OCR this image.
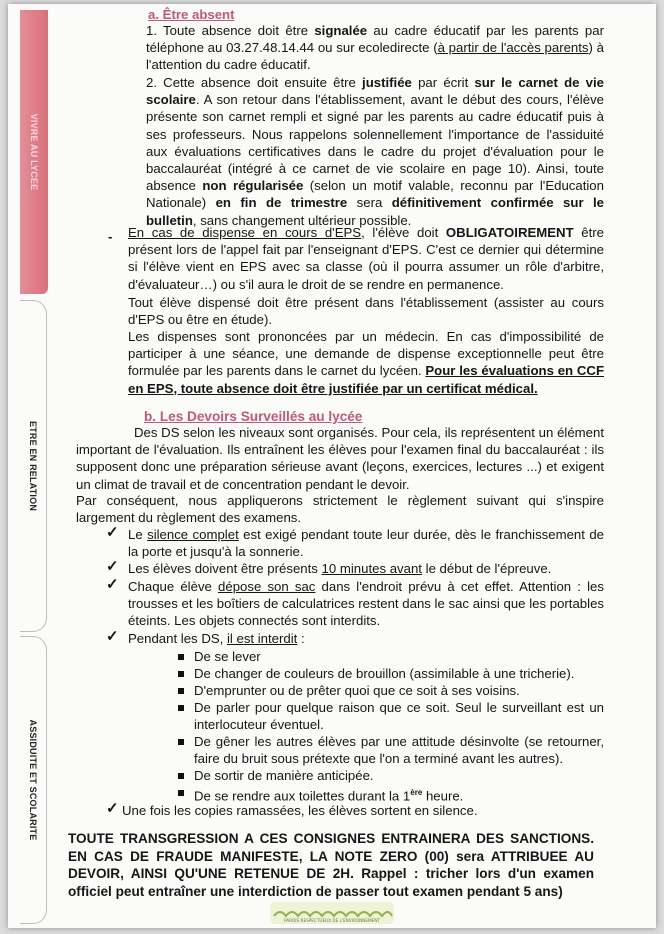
VIVRE AU LYCEE
ETRE EN RELATION
ASSIDUITE ET SCOLARITE
a. Être absent
1. Toute absence doit être signalée au cadre éducatif par les parents par téléphone au 03.27.48.14.44 ou sur ecoledirecte (à partir de l'accès parents) à l'attention du cadre éducatif.
2. Cette absence doit ensuite être justifiée par écrit sur le carnet de vie scolaire. A son retour dans l'établissement, avant le début des cours, l'élève présente son carnet rempli et signé par les parents au cadre éducatif puis à ses professeurs. Nous rappelons solennellement l'importance de l'assiduité aux évaluations certificatives dans le cadre du projet d'évaluation pour le baccalauréat (intégré à ce carnet de vie scolaire en page 10). Ainsi, toute absence non régularisée (selon un motif valable, reconnu par l'Education Nationale) en fin de trimestre sera définitivement confirmée sur le bulletin, sans changement ultérieur possible.
- En cas de dispense en cours d'EPS, l'élève doit OBLIGATOIREMENT être présent lors de l'appel fait par l'enseignant d'EPS. C'est ce dernier qui détermine si l'élève vient en EPS avec sa classe (où il pourra assumer un rôle d'arbitre, d'évaluateur…) ou s'il aura le droit de se rendre en permanence.
Tout élève dispensé doit être présent dans l'établissement (assister au cours d'EPS ou être en étude).
Les dispenses sont prononcées par un médecin. En cas d'impossibilité de participer à une séance, une demande de dispense exceptionnelle peut être formulée par les parents dans le carnet du lycéen. Pour les évaluations en CCF en EPS, toute absence doit être justifiée par un certificat médical.
b. Les Devoirs Surveillés au lycée
Des DS selon les niveaux sont organisés. Pour cela, ils représentent un élément important de l'évaluation. Ils entraînent les élèves pour l'examen final du baccalauréat : ils supposent donc une préparation sérieuse avant (leçons, exercices, lectures ...) et exigent un climat de travail et de concentration pendant le devoir.
Par conséquent, nous appliquerons strictement le règlement suivant qui s'inspire largement du règlement des examens.
✓ Le silence complet est exigé pendant toute leur durée, dès le franchissement de la porte et jusqu'à la sonnerie.
✓ Les élèves doivent être présents 10 minutes avant le début de l'épreuve.
✓ Chaque élève dépose son sac dans l'endroit prévu à cet effet. Attention : les trousses et les boîtiers de calculatrices restent dans le sac ainsi que les portables éteints. Les objets connectés sont interdits.
✓ Pendant les DS, il est interdit :
De se lever
De changer de couleurs de brouillon (assimilable à une tricherie).
D'emprunter ou de prêter quoi que ce soit à ses voisins.
De parler pour quelque raison que ce soit. Seul le surveillant est un interlocuteur éventuel.
De gêner les autres élèves par une attitude désinvolte (se retourner, faire du bruit sous prétexte que l'on a terminé avant les autres).
De sortir de manière anticipée.
De se rendre aux toilettes durant la 1ère heure.
✓ Une fois les copies ramassées, les élèves sortent en silence.
TOUTE TRANSGRESSION A CES CONSIGNES ENTRAINERA DES SANCTIONS. EN CAS DE FRAUDE MANIFESTE, LA NOTE ZERO (00) sera ATTRIBUEE AU DEVOIR, AINSI QU'UNE RETENUE DE 2H. Rappel : tricher lors d'un examen officiel peut entraîner une interdiction de passer tout examen pendant 5 ans)
PAROIS RESPECTUEUX DE L'ENVIRONNEMENT
